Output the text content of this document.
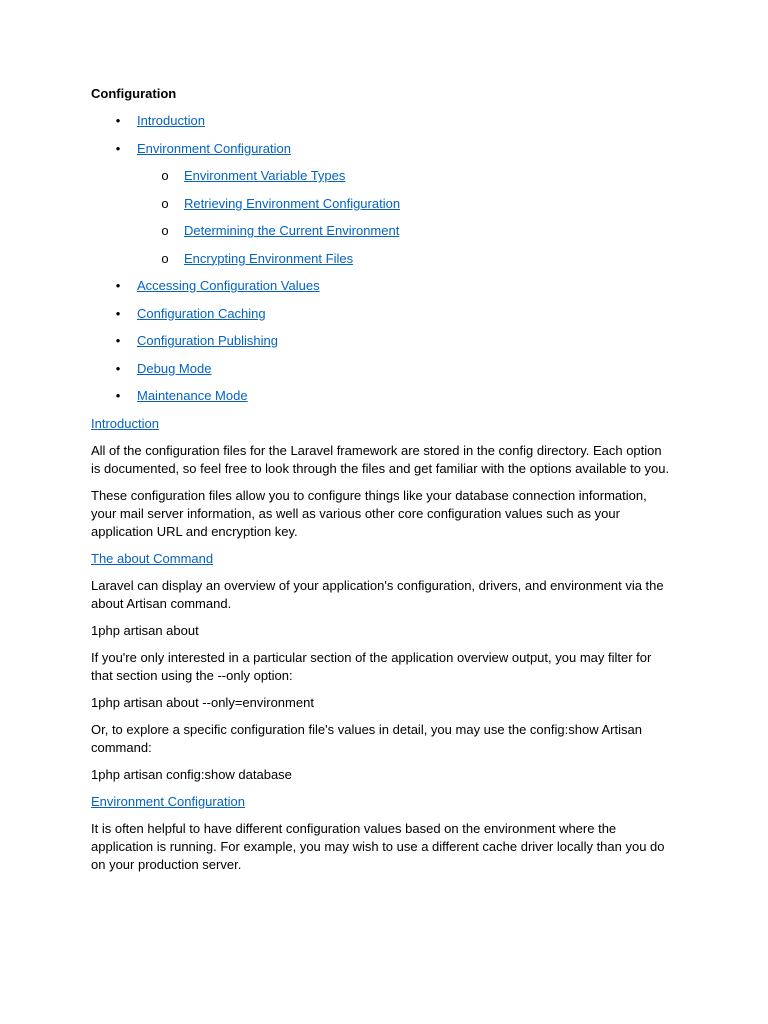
Configuration
• Introduction
• Environment Configuration
o Environment Variable Types
o Retrieving Environment Configuration
o Determining the Current Environment
o Encrypting Environment Files
• Accessing Configuration Values
• Configuration Caching
• Configuration Publishing
• Debug Mode
• Maintenance Mode
Introduction

All of the configuration files for the Laravel framework are stored in the config directory. Each option is documented, so feel free to look through the files and get familiar with the options available to you.

These configuration files allow you to configure things like your database connection information, your mail server information, as well as various other core configuration values such as your application URL and encryption key.

The about Command

Laravel can display an overview of your application's configuration, drivers, and environment via the about Artisan command.

1php artisan about

If you're only interested in a particular section of the application overview output, you may filter for that section using the --only option:

1php artisan about --only=environment

Or, to explore a specific configuration file's values in detail, you may use the config:show Artisan command:

1php artisan config:show database
Environment Configuration

It is often helpful to have different configuration values based on the environment where the application is running. For example, you may wish to use a different cache driver locally than you do on your production server.
